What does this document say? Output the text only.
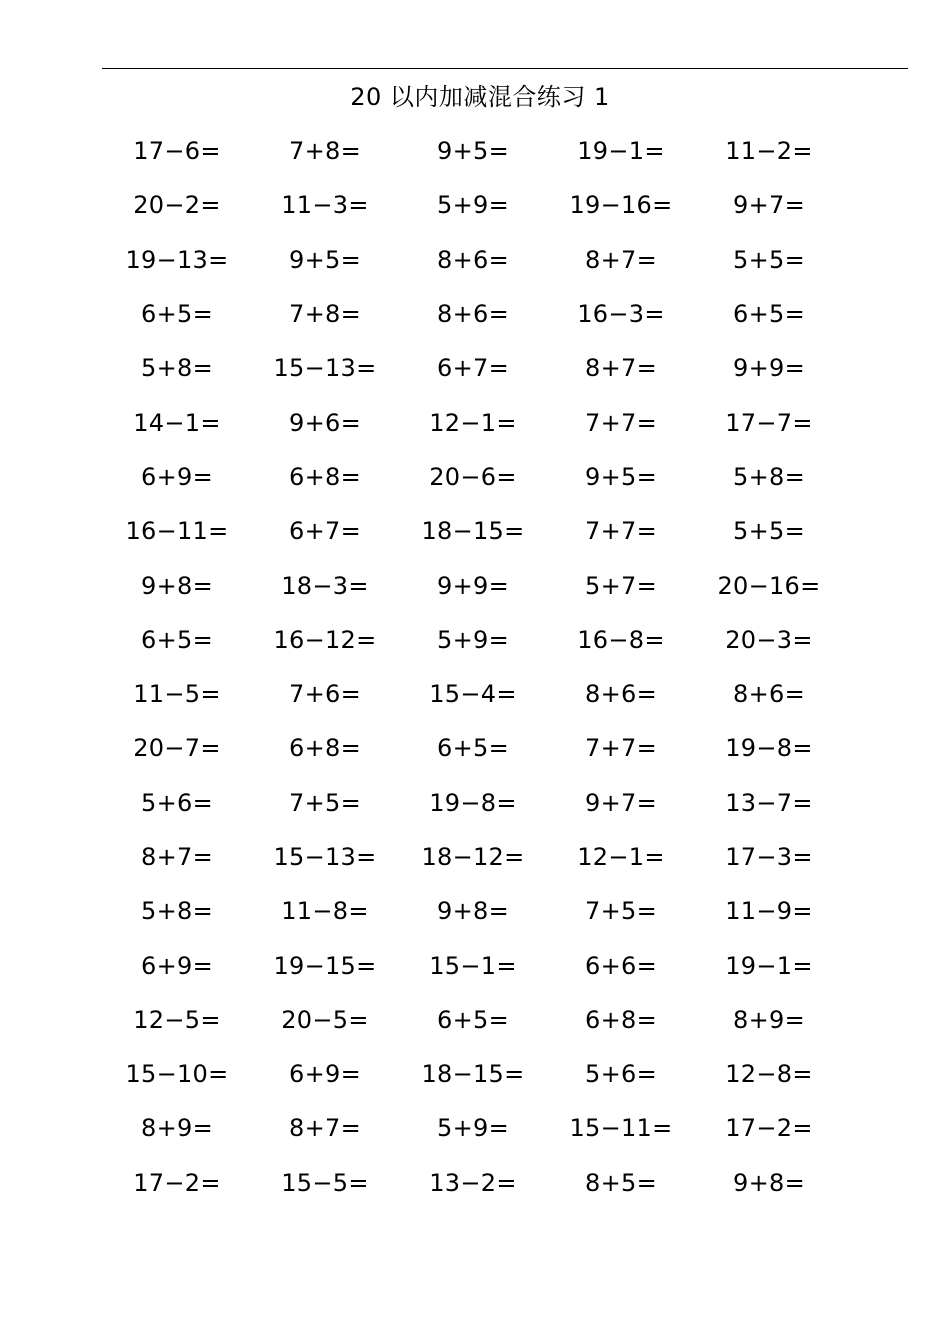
20 以内加减混合练习 1
17−6=	7+8=	9+5=	19−1=	11−2=
20−2=	11−3=	5+9=	19−16=	9+7=
19−13=	9+5=	8+6=	8+7=	5+5=
6+5=	7+8=	8+6=	16−3=	6+5=
5+8=	15−13=	6+7=	8+7=	9+9=
14−1=	9+6=	12−1=	7+7=	17−7=
6+9=	6+8=	20−6=	9+5=	5+8=
16−11=	6+7=	18−15=	7+7=	5+5=
9+8=	18−3=	9+9=	5+7=	20−16=
6+5=	16−12=	5+9=	16−8=	20−3=
11−5=	7+6=	15−4=	8+6=	8+6=
20−7=	6+8=	6+5=	7+7=	19−8=
5+6=	7+5=	19−8=	9+7=	13−7=
8+7=	15−13=	18−12=	12−1=	17−3=
5+8=	11−8=	9+8=	7+5=	11−9=
6+9=	19−15=	15−1=	6+6=	19−1=
12−5=	20−5=	6+5=	6+8=	8+9=
15−10=	6+9=	18−15=	5+6=	12−8=
8+9=	8+7=	5+9=	15−11=	17−2=
17−2=	15−5=	13−2=	8+5=	9+8=
